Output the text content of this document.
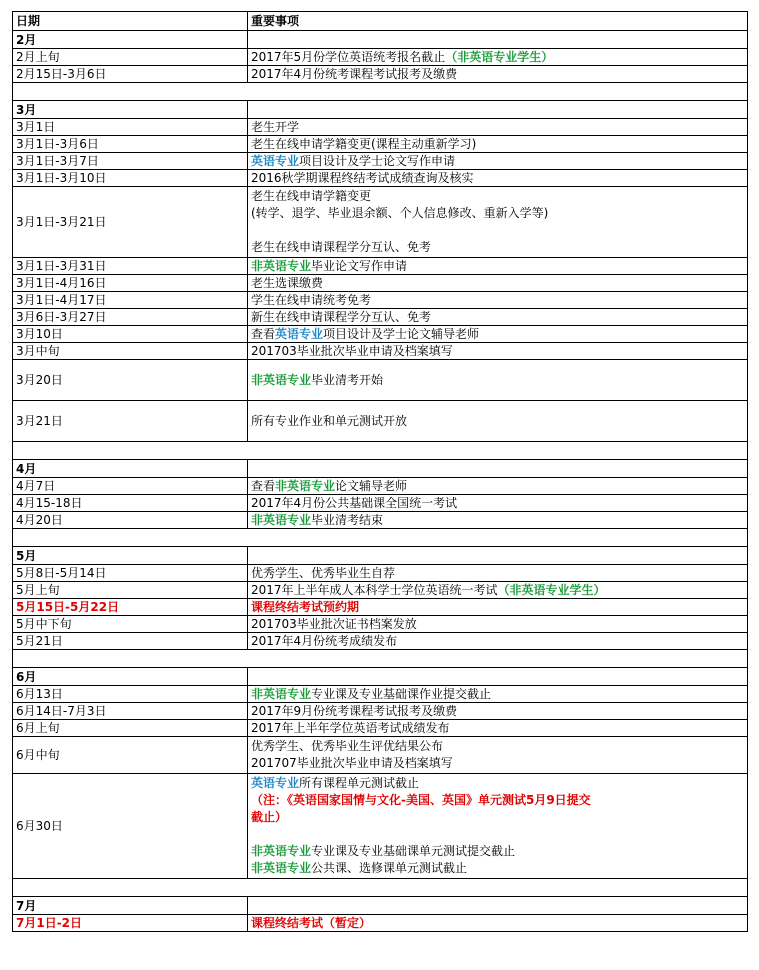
日期	重要事项
2月	
2月上旬	2017年5月份学位英语统考报名截止（非英语专业学生）
2月15日-3月6日	2017年4月份统考课程考试报考及缴费

3月	
3月1日	老生开学
3月1日-3月6日	老生在线申请学籍变更(课程主动重新学习)
3月1日-3月7日	英语专业项目设计及学士论文写作申请
3月1日-3月10日	2016秋学期课程终结考试成绩查询及核实
3月1日-3月21日	老生在线申请学籍变更
(转学、退学、毕业退余额、个人信息修改、重新入学等)
老生在线申请课程学分互认、免考

3月1日-3月31日	非英语专业毕业论文写作申请
3月1日-4月16日	老生选课缴费
3月1日-4月17日	学生在线申请统考免考
3月6日-3月27日	新生在线申请课程学分互认、免考
3月10日	查看英语专业项目设计及学士论文辅导老师
3月中旬	201703毕业批次毕业申请及档案填写
3月20日	非英语专业毕业清考开始
3月21日	所有专业作业和单元测试开放

4月	
4月7日	查看非英语专业论文辅导老师
4月15-18日	2017年4月份公共基础课全国统一考试
4月20日	非英语专业毕业清考结束

5月	
5月8日-5月14日	优秀学生、优秀毕业生自荐
5月上旬	2017年上半年成人本科学士学位英语统一考试（非英语专业学生）
5月15日-5月22日	课程终结考试预约期
5月中下旬	201703毕业批次证书档案发放
5月21日	2017年4月份统考成绩发布

6月	
6月13日	非英语专业专业课及专业基础课作业提交截止
6月14日-7月3日	2017年9月份统考课程考试报考及缴费
6月上旬	2017年上半年学位英语考试成绩发布
6月中旬	优秀学生、优秀毕业生评优结果公布
201707毕业批次毕业申请及档案填写

6月30日	英语专业所有课程单元测试截止
（注：《英语国家国情与文化-美国、英国》单元测试5月9日提交
截止）
非英语专业专业课及专业基础课单元测试提交截止
非英语专业公共课、选修课单元测试截止

7月	
7月1日-2日	课程终结考试（暂定）
